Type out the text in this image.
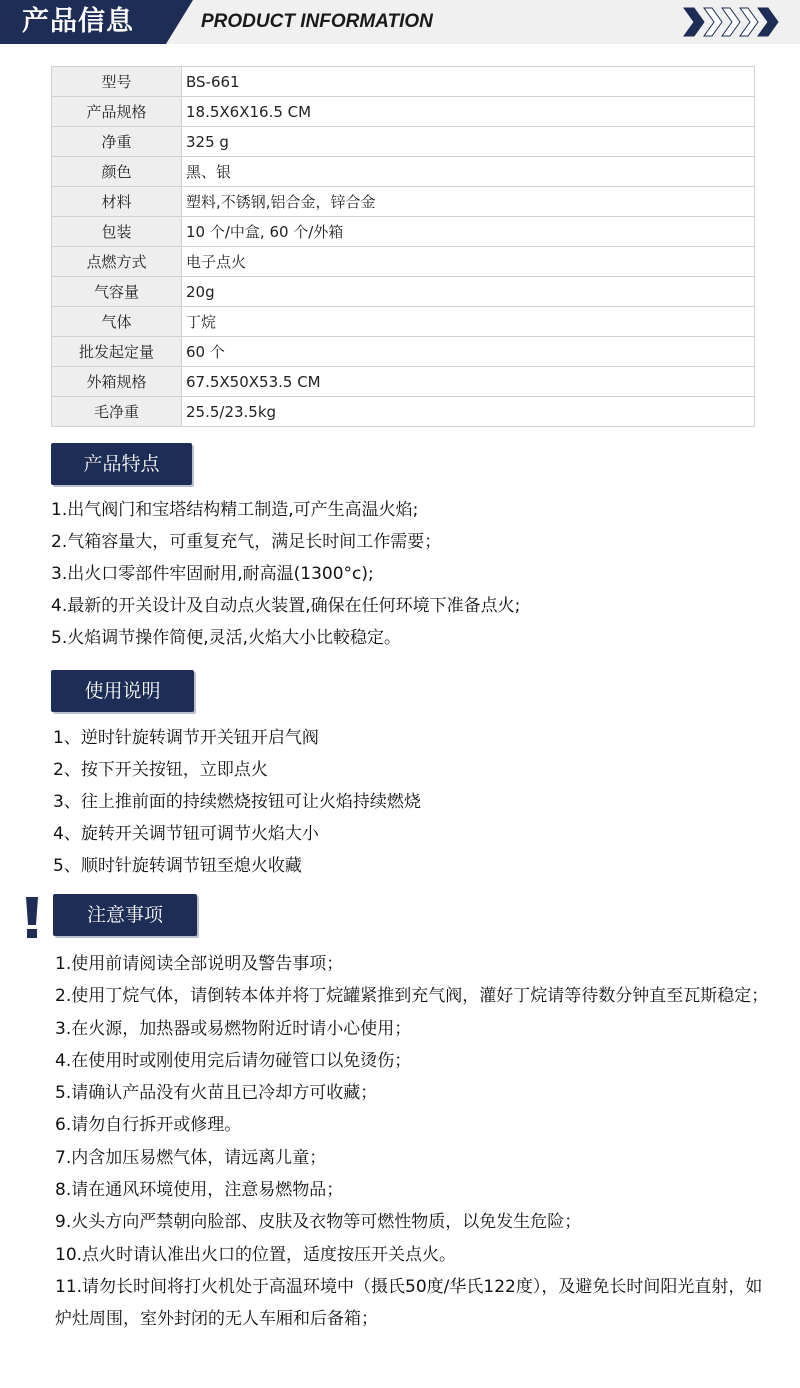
产品信息	PRODUCT INFORMATION
型号	BS-661
产品规格	18.5X6X16.5 CM
净重	325 g
颜色	黑、银
材料	塑料,不锈钢,铝合金，锌合金
包装	10 个/中盒, 60 个/外箱
点燃方式	电子点火
气容量	20g
气体	丁烷
批发起定量	60 个
外箱规格	67.5X50X53.5 CM
毛净重	25.5/23.5kg
产品特点
1.出气阀门和宝塔结构精工制造,可产生高温火焰;
2.气箱容量大，可重复充气，满足长时间工作需要；
3.出火口零部件牢固耐用,耐高温(1300°c);
4.最新的开关设计及自动点火装置,确保在任何环境下准备点火;
5.火焰调节操作简便,灵活,火焰大小比較稳定。
使用说明
1、逆时针旋转调节开关钮开启气阀
2、按下开关按钮，立即点火
3、往上推前面的持续燃烧按钮可让火焰持续燃烧
4、旋转开关调节钮可调节火焰大小
5、顺时针旋转调节钮至熄火收藏
注意事项
1.使用前请阅读全部说明及警告事项；
2.使用丁烷气体，请倒转本体并将丁烷罐紧推到充气阀，灌好丁烷请等待数分钟直至瓦斯稳定；
3.在火源，加热器或易燃物附近时请小心使用；
4.在使用时或刚使用完后请勿碰管口以免烫伤；
5.请确认产品没有火苗且已冷却方可收藏；
6.请勿自行拆开或修理。
7.内含加压易燃气体，请远离儿童；
8.请在通风环境使用，注意易燃物品；
9.火头方向严禁朝向脸部、皮肤及衣物等可燃性物质，以免发生危险；
10.点火时请认准出火口的位置，适度按压开关点火。
11.请勿长时间将打火机处于高温环境中（摄氏50度/华氏122度），及避免长时间阳光直射，如炉灶周围，室外封闭的无人车厢和后备箱；
